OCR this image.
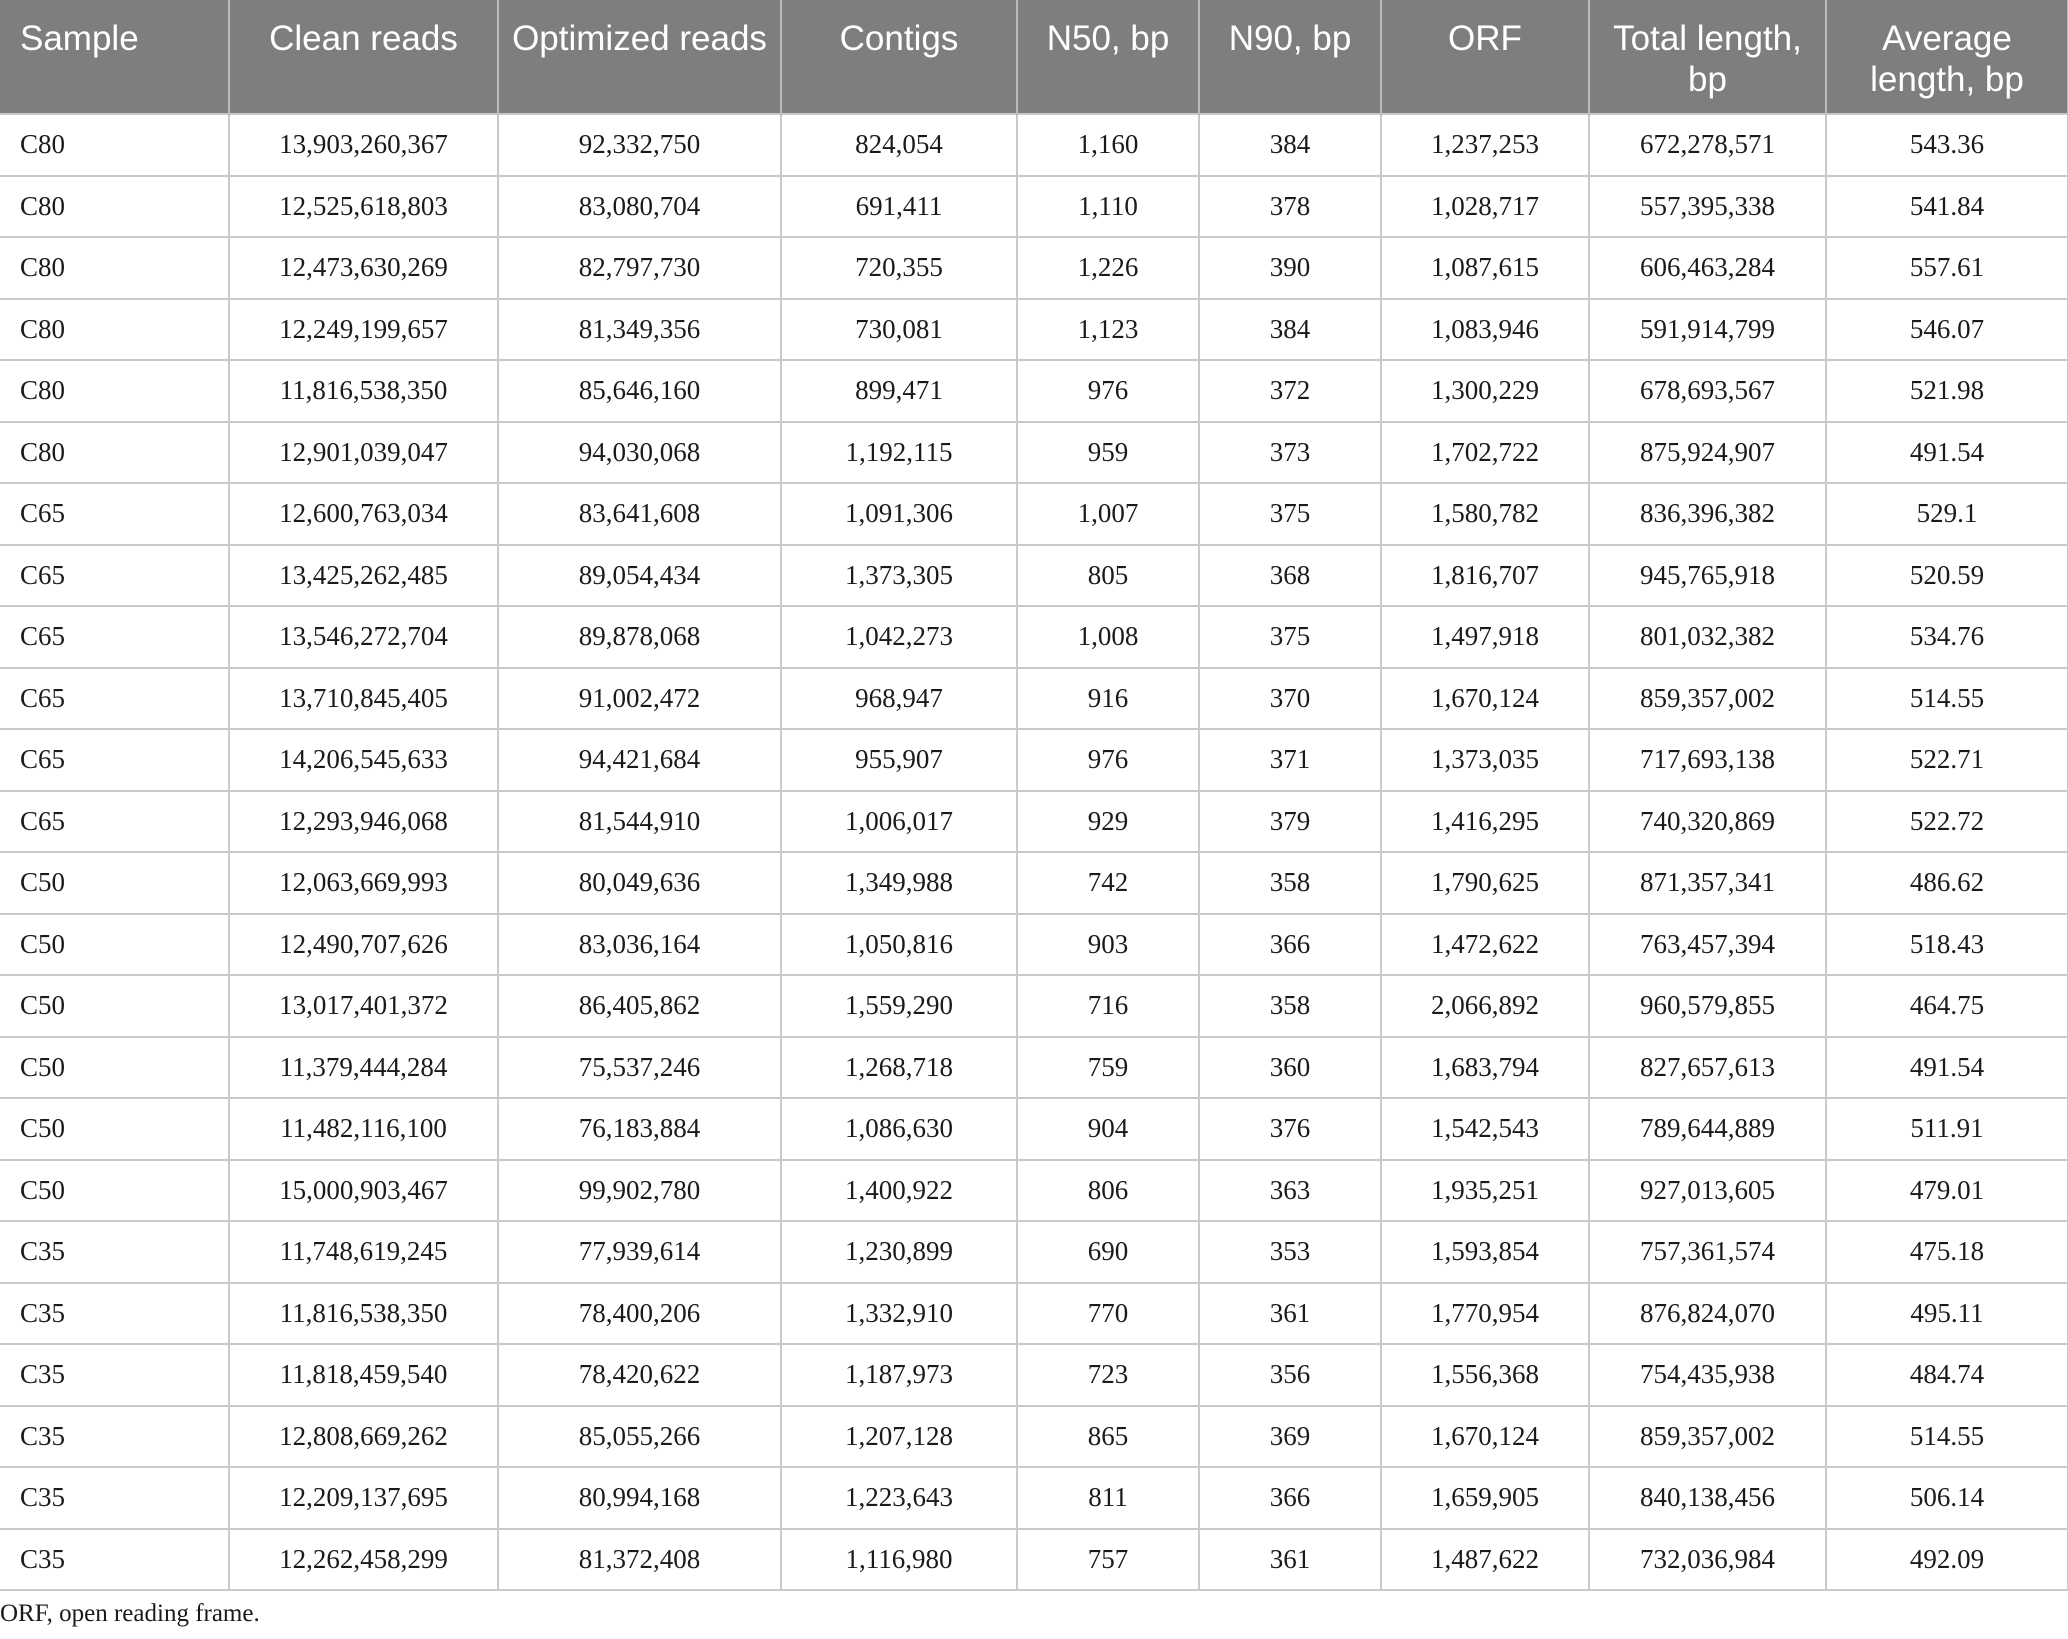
Sample	Clean reads	Optimized reads	Contigs	N50, bp	N90, bp	ORF	Total length, bp	Average length, bp
C80	13,903,260,367	92,332,750	824,054	1,160	384	1,237,253	672,278,571	543.36
C80	12,525,618,803	83,080,704	691,411	1,110	378	1,028,717	557,395,338	541.84
C80	12,473,630,269	82,797,730	720,355	1,226	390	1,087,615	606,463,284	557.61
C80	12,249,199,657	81,349,356	730,081	1,123	384	1,083,946	591,914,799	546.07
C80	11,816,538,350	85,646,160	899,471	976	372	1,300,229	678,693,567	521.98
C80	12,901,039,047	94,030,068	1,192,115	959	373	1,702,722	875,924,907	491.54
C65	12,600,763,034	83,641,608	1,091,306	1,007	375	1,580,782	836,396,382	529.1
C65	13,425,262,485	89,054,434	1,373,305	805	368	1,816,707	945,765,918	520.59
C65	13,546,272,704	89,878,068	1,042,273	1,008	375	1,497,918	801,032,382	534.76
C65	13,710,845,405	91,002,472	968,947	916	370	1,670,124	859,357,002	514.55
C65	14,206,545,633	94,421,684	955,907	976	371	1,373,035	717,693,138	522.71
C65	12,293,946,068	81,544,910	1,006,017	929	379	1,416,295	740,320,869	522.72
C50	12,063,669,993	80,049,636	1,349,988	742	358	1,790,625	871,357,341	486.62
C50	12,490,707,626	83,036,164	1,050,816	903	366	1,472,622	763,457,394	518.43
C50	13,017,401,372	86,405,862	1,559,290	716	358	2,066,892	960,579,855	464.75
C50	11,379,444,284	75,537,246	1,268,718	759	360	1,683,794	827,657,613	491.54
C50	11,482,116,100	76,183,884	1,086,630	904	376	1,542,543	789,644,889	511.91
C50	15,000,903,467	99,902,780	1,400,922	806	363	1,935,251	927,013,605	479.01
C35	11,748,619,245	77,939,614	1,230,899	690	353	1,593,854	757,361,574	475.18
C35	11,816,538,350	78,400,206	1,332,910	770	361	1,770,954	876,824,070	495.11
C35	11,818,459,540	78,420,622	1,187,973	723	356	1,556,368	754,435,938	484.74
C35	12,808,669,262	85,055,266	1,207,128	865	369	1,670,124	859,357,002	514.55
C35	12,209,137,695	80,994,168	1,223,643	811	366	1,659,905	840,138,456	506.14
C35	12,262,458,299	81,372,408	1,116,980	757	361	1,487,622	732,036,984	492.09
ORF, open reading frame.
